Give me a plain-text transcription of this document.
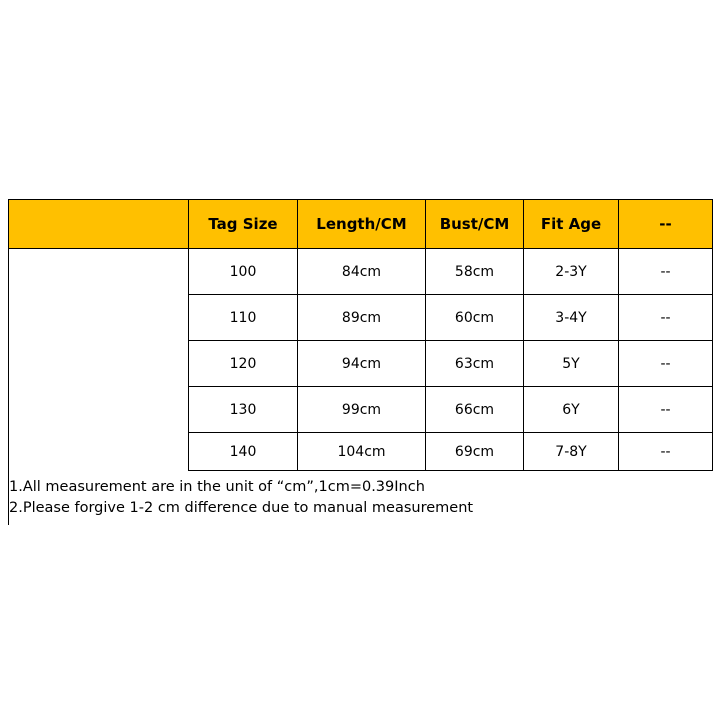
Tag Size	Length/CM	Bust/CM	Fit Age	--
100	84cm	58cm	2-3Y	--
110	89cm	60cm	3-4Y	--
120	94cm	63cm	5Y	--
130	99cm	66cm	6Y	--
140	104cm	69cm	7-8Y	--
1.All measurement are in the unit of “cm”,1cm=0.39Inch
2.Please forgive 1-2 cm difference due to manual measurement
